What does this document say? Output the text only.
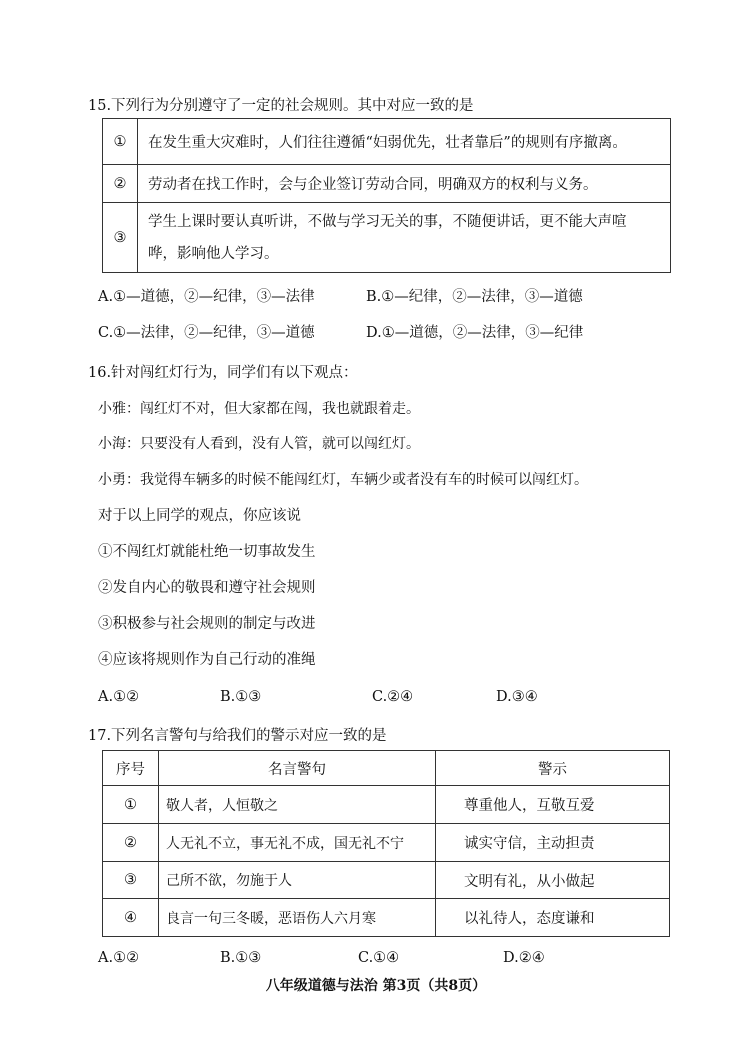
15.下列行为分别遵守了一定的社会规则。其中对应一致的是
①	在发生重大灾难时，人们往往遵循“妇弱优先，壮者靠后”的规则有序撤离。
②	劳动者在找工作时，会与企业签订劳动合同，明确双方的权利与义务。
③	学生上课时要认真听讲，不做与学习无关的事，不随便讲话，更不能大声喧
哗，影响他人学习。
A.①—道德，②—纪律，③—法律	B.①—纪律，②—法律，③—道德
C.①—法律，②—纪律，③—道德	D.①—道德，②—法律，③—纪律
16.针对闯红灯行为，同学们有以下观点：
小雅：闯红灯不对，但大家都在闯，我也就跟着走。
小海：只要没有人看到，没有人管，就可以闯红灯。
小勇：我觉得车辆多的时候不能闯红灯，车辆少或者没有车的时候可以闯红灯。
对于以上同学的观点，你应该说
①不闯红灯就能杜绝一切事故发生
②发自内心的敬畏和遵守社会规则
③积极参与社会规则的制定与改进
④应该将规则作为自己行动的准绳
A.①②	B.①③	C.②④	D.③④
17.下列名言警句与给我们的警示对应一致的是
序号	名言警句	警示
①	敬人者，人恒敬之	尊重他人，互敬互爱
②	人无礼不立，事无礼不成，国无礼不宁	诚实守信，主动担责
③	己所不欲，勿施于人	文明有礼，从小做起
④	良言一句三冬暖，恶语伤人六月寒	以礼待人，态度谦和
A.①②	B.①③	C.①④	D.②④
八年级道德与法治 第3页（共8页）
